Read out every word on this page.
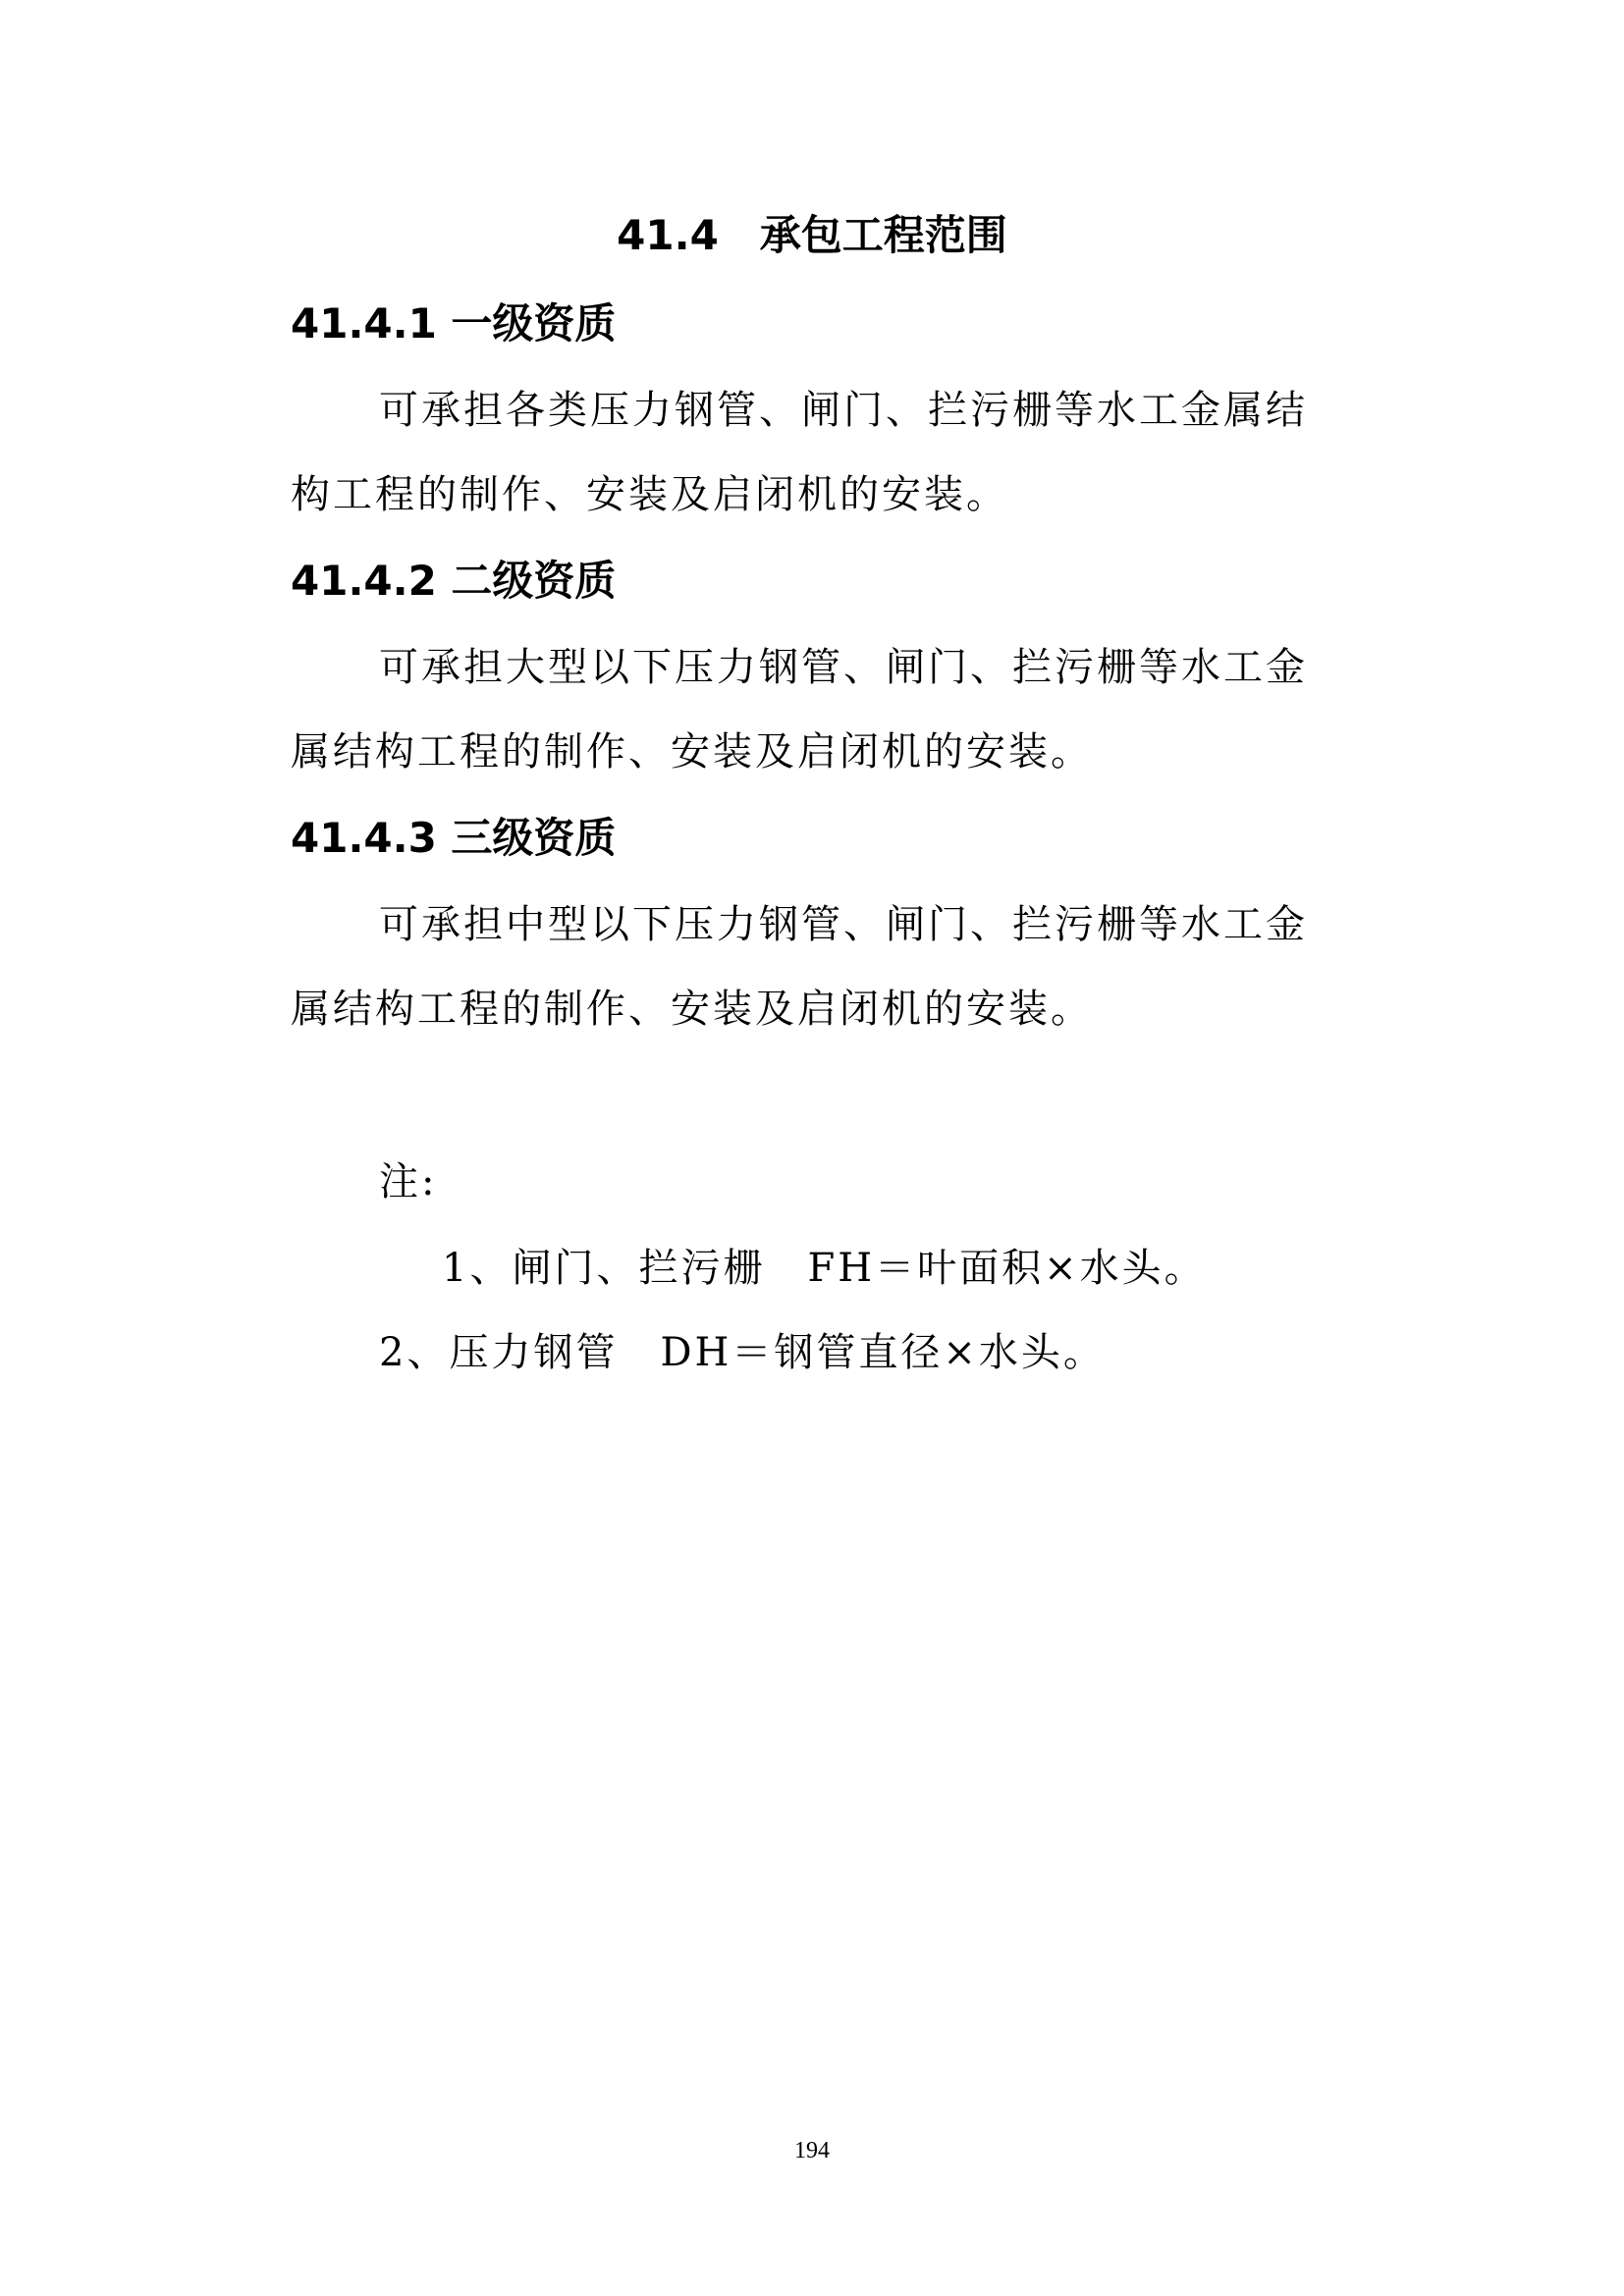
41.4　承包工程范围
41.4.1 一级资质
可承担各类压力钢管、闸门、拦污栅等水工金属结
构工程的制作、安装及启闭机的安装。
41.4.2 二级资质
可承担大型以下压力钢管、闸门、拦污栅等水工金
属结构工程的制作、安装及启闭机的安装。
41.4.3 三级资质
可承担中型以下压力钢管、闸门、拦污栅等水工金
属结构工程的制作、安装及启闭机的安装。
注:
1、闸门、拦污栅　FH＝叶面积×水头。
2、压力钢管　DH＝钢管直径×水头。
194
